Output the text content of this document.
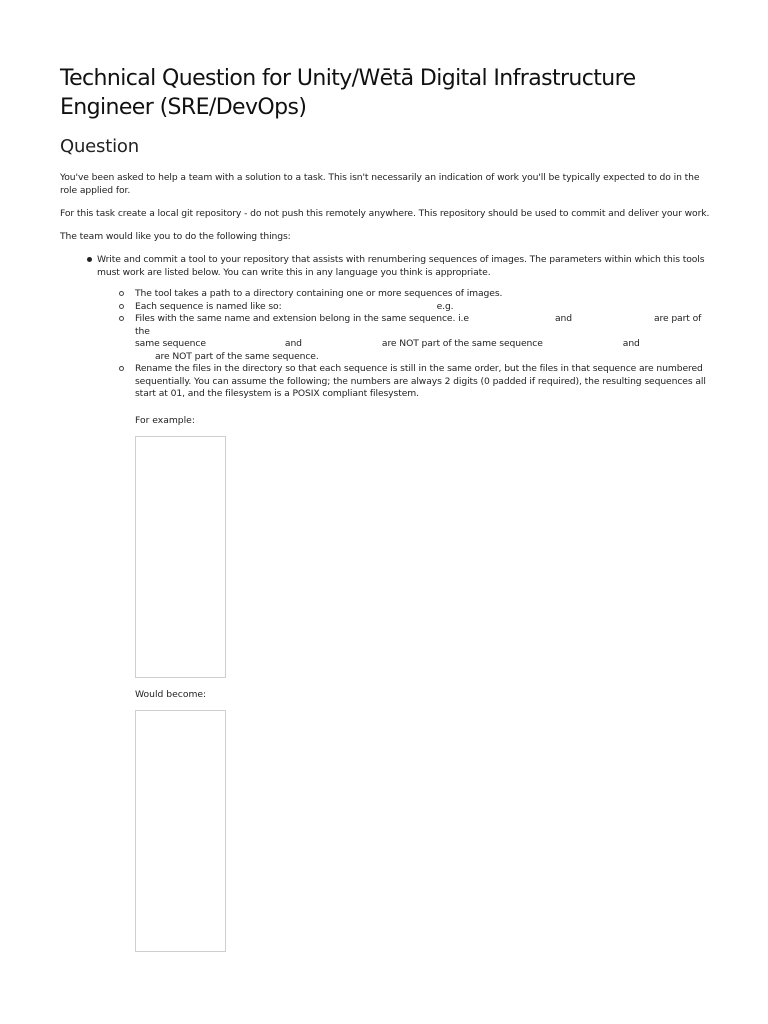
Technical Question for Unity/Wētā Digital Infrastructure Engineer (SRE/DevOps)
Question

You've been asked to help a team with a solution to a task. This isn't necessarily an indication of work you'll be typically expected to do in the role applied for.

For this task create a local git repository - do not push this remotely anywhere. This repository should be used to commit and deliver your work.

The team would like you to do the following things:

Write and commit a tool to your repository that assists with renumbering sequences of images. The parameters within which this tools must work are listed below. You can write this in any language you think is appropriate.
The tool takes a path to a directory containing one or more sequences of images.
Each sequence is named like so:	e.g.
Files with the same name and extension belong in the same sequence. i.e	and	are part of the
same sequence	and	are NOT part of the same sequence	and
are NOT part of the same sequence.
Rename the files in the directory so that each sequence is still in the same order, but the files in that sequence are numbered sequentially. You can assume the following; the numbers are always 2 digits (0 padded if required), the resulting sequences all start at 01, and the filesystem is a POSIX compliant filesystem.
For example:
Would become:
